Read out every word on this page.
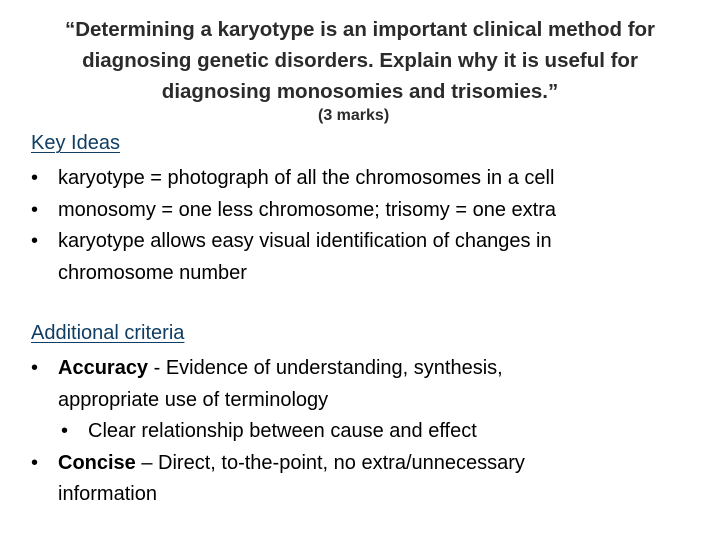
“Determining a karyotype is an important clinical method for
diagnosing genetic disorders. Explain why it is useful for
diagnosing monosomies and trisomies.”
(3 marks)
Key Ideas
• karyotype = photograph of all the chromosomes in a cell
• monosomy = one less chromosome; trisomy = one extra
• karyotype allows easy visual identification of changes in
chromosome number
Additional criteria
• Accuracy - Evidence of understanding, synthesis,
appropriate use of terminology
• Clear relationship between cause and effect
• Concise – Direct, to-the-point, no extra/unnecessary
information
